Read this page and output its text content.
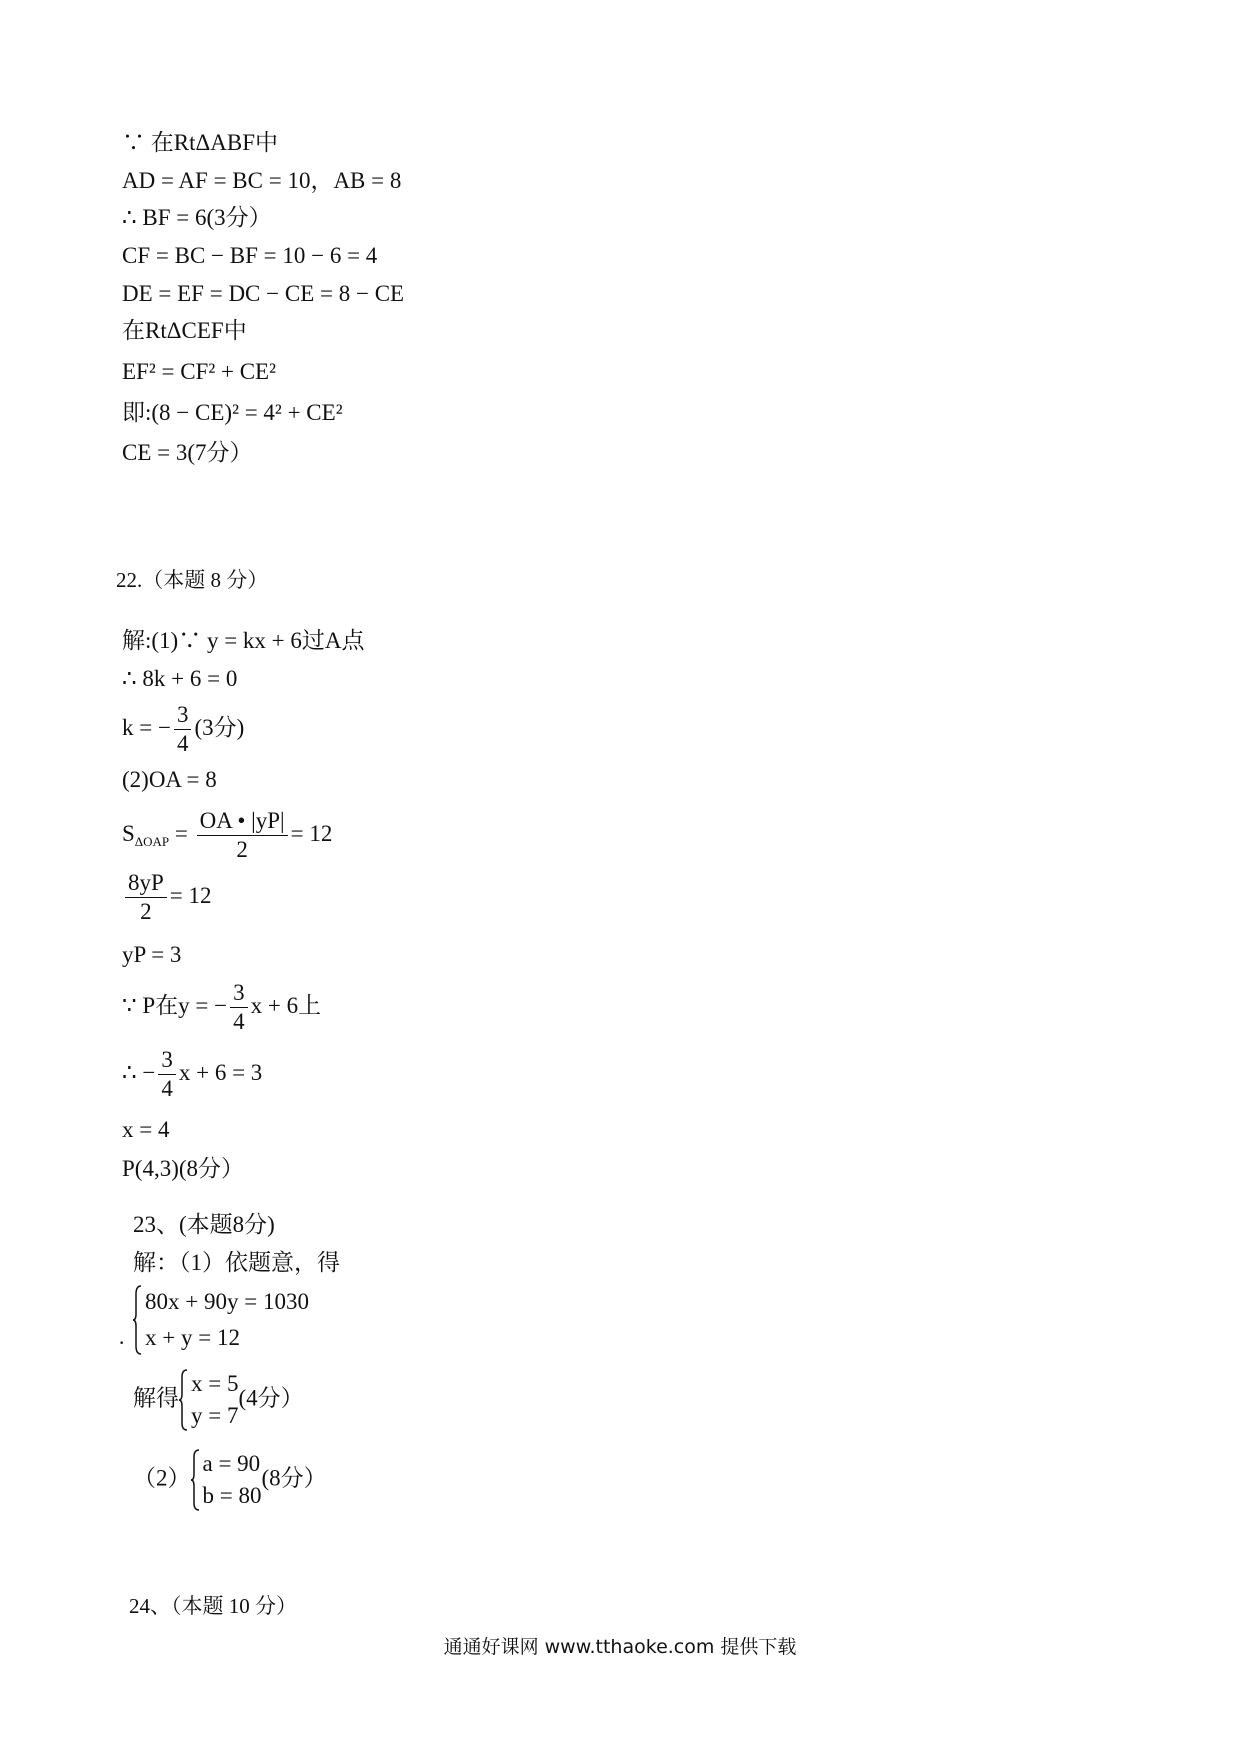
∵ 在RtΔABF中
AD = AF = BC = 10，AB = 8
∴ BF = 6(3分）
CF = BC − BF = 10 − 6 = 4
DE = EF = DC − CE = 8 − CE
在RtΔCEF中
EF² = CF² + CE²
即:(8 − CE)² = 4² + CE²
CE = 3(7分）
22.（本题 8 分）
解:(1)∵ y = kx + 6过A点
∴ 8k + 6 = 0
k = − $\frac{3}{4} (3$分)
(2)OA = 8
$S_{\Delta OAP} = \frac{OA • |yP|}{2} = 12$
$\frac{8yP}{2} = 12$
yP = 3
∵ P在y = − $\frac{3}{4}$ x + 6上
∴ − $\frac{3}{4}$ x + 6 = 3
x = 4
P(4,3)(8分）
23、(本题8分)
解：（1）依题意，得
·
80x + 90y = 1030
x + y = 12
解得
x = 5
y = 7
(4分）
（2）
a = 90
b = 80
(8分）
24、（本题 10 分）
通通好课网 www.tthaoke.com 提供下载
